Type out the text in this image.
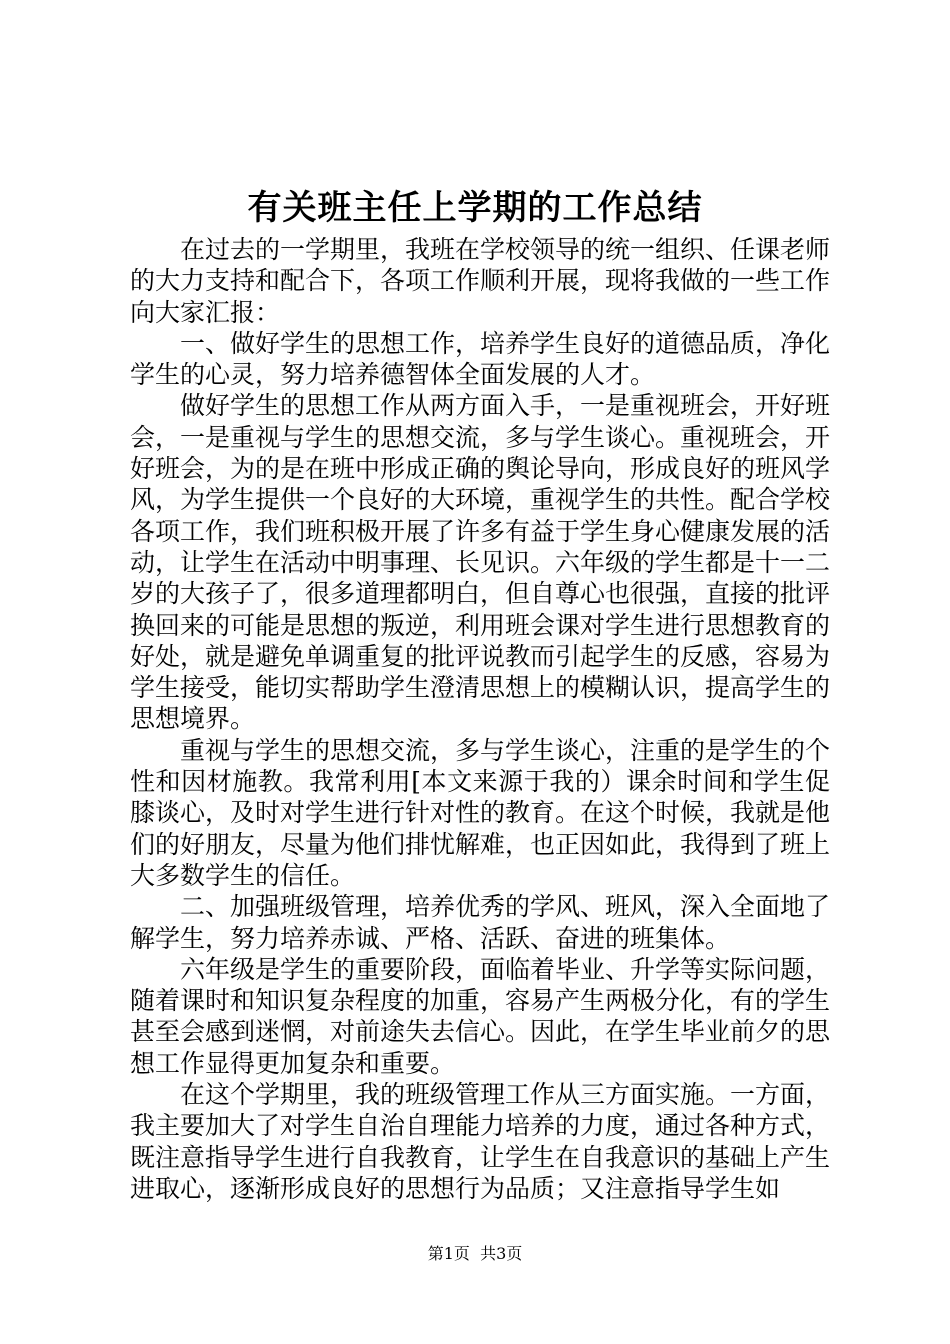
有关班主任上学期的工作总结

在过去的一学期里，我班在学校领导的统一组织、任课老师的大力支持和配合下，各项工作顺利开展，现将我做的一些工作向大家汇报：

一、做好学生的思想工作，培养学生良好的道德品质，净化学生的心灵，努力培养德智体全面发展的人才。

做好学生的思想工作从两方面入手，一是重视班会，开好班会，一是重视与学生的思想交流，多与学生谈心。重视班会，开好班会，为的是在班中形成正确的舆论导向，形成良好的班风学风，为学生提供一个良好的大环境，重视学生的共性。配合学校各项工作，我们班积极开展了许多有益于学生身心健康发展的活动，让学生在活动中明事理、长见识。六年级的学生都是十一二岁的大孩子了，很多道理都明白，但自尊心也很强，直接的批评换回来的可能是思想的叛逆，利用班会课对学生进行思想教育的好处，就是避免单调重复的批评说教而引起学生的反感，容易为学生接受，能切实帮助学生澄清思想上的模糊认识，提高学生的思想境界。

重视与学生的思想交流，多与学生谈心，注重的是学生的个性和因材施教。我常利用[本文来源于我的）课余时间和学生促膝谈心，及时对学生进行针对性的教育。在这个时候，我就是他们的好朋友，尽量为他们排忧解难，也正因如此，我得到了班上大多数学生的信任。

二、加强班级管理，培养优秀的学风、班风，深入全面地了解学生，努力培养赤诚、严格、活跃、奋进的班集体。

六年级是学生的重要阶段，面临着毕业、升学等实际问题，随着课时和知识复杂程度的加重，容易产生两极分化，有的学生甚至会感到迷惘，对前途失去信心。因此，在学生毕业前夕的思想工作显得更加复杂和重要。

在这个学期里，我的班级管理工作从三方面实施。一方面，我主要加大了对学生自治自理能力培养的力度，通过各种方式，既注意指导学生进行自我教育，让学生在自我意识的基础上产生进取心，逐渐形成良好的思想行为品质；又注意指导学生如

第1页  共3页
